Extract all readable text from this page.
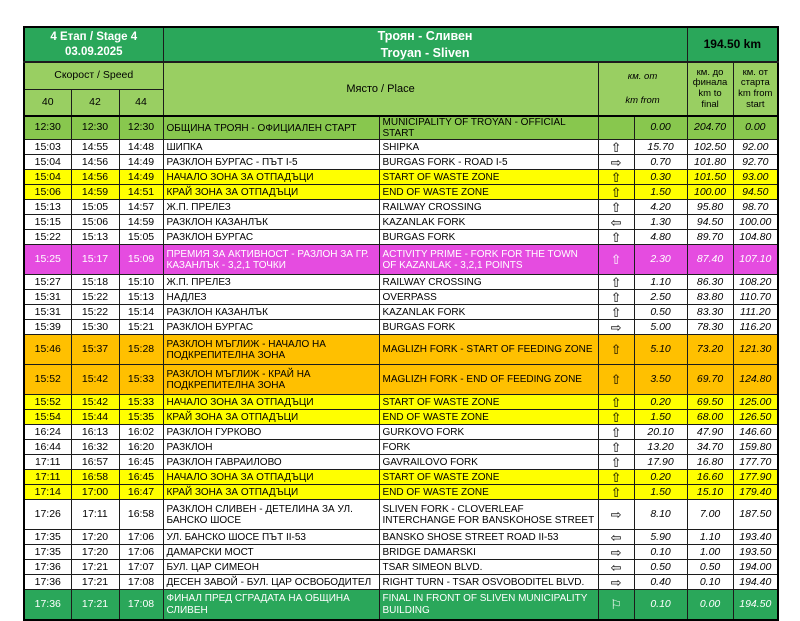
4 Етап / Stage 4
03.09.2025

Троян - Сливен
Troyan - Sliven
	194.50 km
Скорост / Speed	Място / Place	
км. от
km from

км. до финала
km to final

км. от старта
km from start

40	42	44						
12:30	12:30	12:30	ОБЩИНА ТРОЯН - ОФИЦИАЛЕН СТАРТ	MUNICIPALITY OF TROYAN - OFFICIAL START		0.00	204.70	0.00
15:03	14:55	14:48	ШИПКА	SHIPKA	⇧	15.70	102.50	92.00
15:04	14:56	14:49	РАЗКЛОН БУРГАС - ПЪТ I-5	BURGAS FORK - ROAD I-5	⇨	0.70	101.80	92.70
15:04	14:56	14:49	НАЧАЛО ЗОНА ЗА ОТПАДЪЦИ	START OF WASTE ZONE	⇧	0.30	101.50	93.00
15:06	14:59	14:51	КРАЙ ЗОНА ЗА ОТПАДЪЦИ	END OF WASTE ZONE	⇧	1.50	100.00	94.50
15:13	15:05	14:57	Ж.П. ПРЕЛЕЗ	RAILWAY CROSSING	⇧	4.20	95.80	98.70
15:15	15:06	14:59	РАЗКЛОН КАЗАНЛЪК	KAZANLAK FORK	⇦	1.30	94.50	100.00
15:22	15:13	15:05	РАЗКЛОН БУРГАС	BURGAS FORK	⇧	4.80	89.70	104.80
15:25	15:17	15:09	ПРЕМИЯ ЗА АКТИВНОСТ - РАЗЛОН ЗА ГР. КАЗАНЛЪК - 3,2,1 ТОЧКИ	ACTIVITY PRIME - FORK FOR THE TOWN OF KAZANLAK - 3,2,1 POINTS	⇧	2.30	87.40	107.10
15:27	15:18	15:10	Ж.П. ПРЕЛЕЗ	RAILWAY CROSSING	⇧	1.10	86.30	108.20
15:31	15:22	15:13	НАДЛЕЗ	OVERPASS	⇧	2.50	83.80	110.70
15:31	15:22	15:14	РАЗКЛОН КАЗАНЛЪК	KAZANLAK FORK	⇧	0.50	83.30	111.20
15:39	15:30	15:21	РАЗКЛОН БУРГАС	BURGAS FORK	⇨	5.00	78.30	116.20
15:46	15:37	15:28	РАЗКЛОН МЪГЛИЖ - НАЧАЛО НА ПОДКРЕПИТЕЛНА ЗОНА	MAGLIZH FORK - START OF FEEDING ZONE	⇧	5.10	73.20	121.30
15:52	15:42	15:33	РАЗКЛОН МЪГЛИЖ - КРАЙ НА ПОДКРЕПИТЕЛНА ЗОНА	MAGLIZH FORK - END OF FEEDING ZONE	⇧	3.50	69.70	124.80
15:52	15:42	15:33	НАЧАЛО ЗОНА ЗА ОТПАДЪЦИ	START OF WASTE ZONE	⇧	0.20	69.50	125.00
15:54	15:44	15:35	КРАЙ ЗОНА ЗА ОТПАДЪЦИ	END OF WASTE ZONE	⇧	1.50	68.00	126.50
16:24	16:13	16:02	РАЗКЛОН ГУРКОВО	GURKOVO FORK	⇧	20.10	47.90	146.60
16:44	16:32	16:20	РАЗКЛОН	FORK	⇧	13.20	34.70	159.80
17:11	16:57	16:45	РАЗКЛОН ГАВРАИЛОВО	GAVRAILOVO FORK	⇧	17.90	16.80	177.70
17:11	16:58	16:45	НАЧАЛО ЗОНА ЗА ОТПАДЪЦИ	START OF WASTE ZONE	⇧	0.20	16.60	177.90
17:14	17:00	16:47	КРАЙ ЗОНА ЗА ОТПАДЪЦИ	END OF WASTE ZONE	⇧	1.50	15.10	179.40
17:26	17:11	16:58	РАЗКЛОН СЛИВЕН - ДЕТЕЛИНА ЗА УЛ. БАНСКО ШОСЕ	SLIVEN FORK - CLOVERLEAF INTERCHANGE FOR BANSKOHOSE STREET	⇨	8.10	7.00	187.50
17:35	17:20	17:06	УЛ. БАНСКО ШОСЕ ПЪТ II-53	BANSKO SHOSE STREET ROAD II-53	⇦	5.90	1.10	193.40
17:35	17:20	17:06	ДАМАРСКИ МОСТ	BRIDGE DAMARSKI	⇨	0.10	1.00	193.50
17:36	17:21	17:07	БУЛ. ЦАР СИМЕОН	TSAR SIMEON BLVD.	⇦	0.50	0.50	194.00
17:36	17:21	17:08	ДЕСЕН ЗАВОЙ - БУЛ. ЦАР ОСВОБОДИТЕЛ	RIGHT TURN - TSAR OSVOBODITEL BLVD.	⇨	0.40	0.10	194.40
17:36	17:21	17:08	ФИНАЛ ПРЕД СГРАДАТА НА ОБЩИНА СЛИВЕН	FINAL IN FRONT OF SLIVEN MUNICIPALITY BUILDING	⚐	0.10	0.00	194.50
